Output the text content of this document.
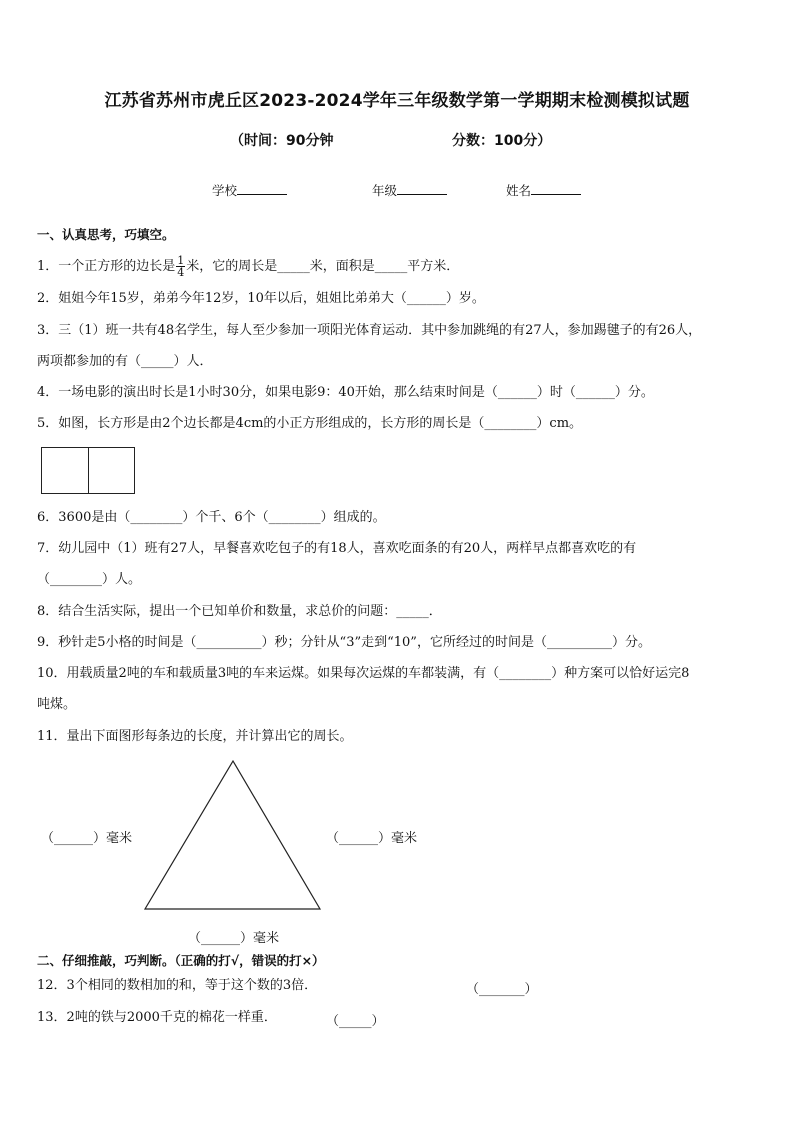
江苏省苏州市虎丘区2023-2024学年三年级数学第一学期期末检测模拟试题
（时间：90分钟	分数：100分）
学校	年级	姓名
一、认真思考，巧填空。
1．一个正方形的边长是 $\frac{1}{4}$ 米，它的周长是_____米，面积是_____平方米．
2．姐姐今年15岁，弟弟今年12岁，10年以后，姐姐比弟弟大（______）岁。
3．三（1）班一共有48名学生，每人至少参加一项阳光体育运动．其中参加跳绳的有27人，参加踢毽子的有26人，
两项都参加的有（_____）人．
4．一场电影的演出时长是1小时30分，如果电影9：40开始，那么结束时间是（______）时（______）分。
5．如图，长方形是由2个边长都是4cm的小正方形组成的，长方形的周长是（________）cm。
6．3600是由（________）个千、6个（________）组成的。
7．幼儿园中（1）班有27人，早餐喜欢吃包子的有18人，喜欢吃面条的有20人，两样早点都喜欢吃的有
（________）人。
8．结合生活实际，提出一个已知单价和数量，求总价的问题：_____．
9．秒针走5小格的时间是（__________）秒；分针从“3”走到“10”，它所经过的时间是（__________）分。
10．用载质量2吨的车和载质量3吨的车来运煤。如果每次运煤的车都装满，有（________）种方案可以恰好运完8
吨煤。
11．量出下面图形每条边的长度，并计算出它的周长。
（______）毫米	（______）毫米
（______）毫米
二、仔细推敲，巧判断。（正确的打√，错误的打×）
12．3个相同的数相加的和，等于这个数的3倍．	（_______）
13．2吨的铁与2000千克的棉花一样重．	（_____）
